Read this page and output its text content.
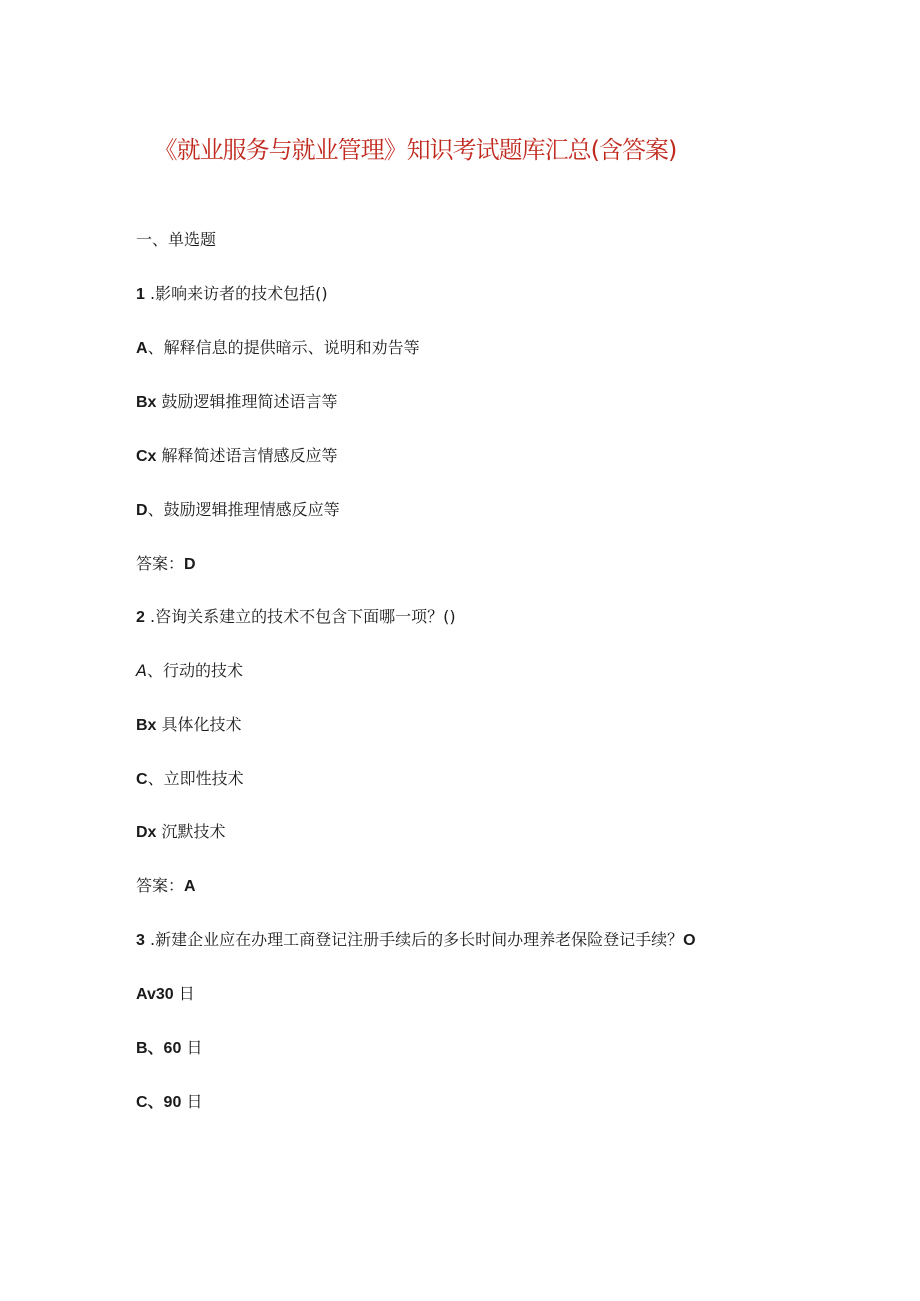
《就业服务与就业管理》知识考试题库汇总(含答案)
一、单选题
1 .影响来访者的技术包括()
A、解释信息的提供暗示、说明和劝告等
Bx 鼓励逻辑推理简述语言等
Cx 解释简述语言情感反应等
D、鼓励逻辑推理情感反应等
答案：D
2 .咨询关系建立的技术不包含下面哪一项？()
A、行动的技术
Bx 具体化技术
C、立即性技术
Dx 沉默技术
答案：A
3 .新建企业应在办理工商登记注册手续后的多长时间办理养老保险登记手续？O
Av30 日
B、60 日
C、90 日
